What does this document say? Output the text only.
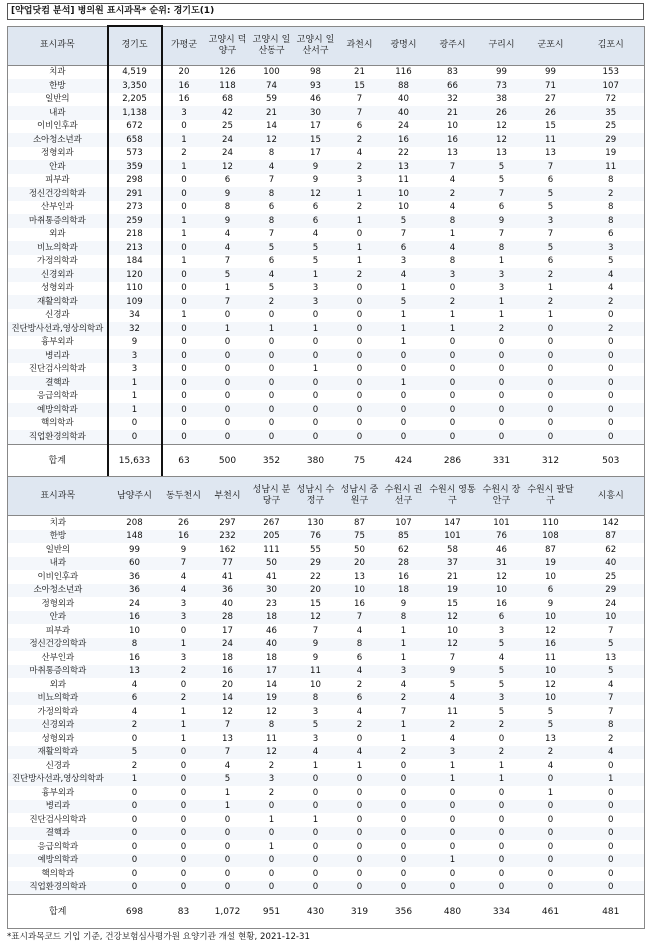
[약업닷컴 분석] 병의원 표시과목* 순위: 경기도(1)
표시과목	경기도	가평군	고양시 덕양구	고양시 일산동구	고양시 일산서구	과천시	광명시	광주시	구리시	군포시	김포시
치과	4,519	20	126	100	98	21	116	83	99	99	153
한방	3,350	16	118	74	93	15	88	66	73	71	107
일반의	2,205	16	68	59	46	7	40	32	38	27	72
내과	1,138	3	42	21	30	7	40	21	26	26	35
이비인후과	672	0	25	14	17	6	24	10	12	15	25
소아청소년과	658	1	24	12	15	2	16	16	12	11	29
정형외과	573	2	24	8	17	4	22	13	13	13	19
안과	359	1	12	4	9	2	13	7	5	7	11
피부과	298	0	6	7	9	3	11	4	5	6	8
정신건강의학과	291	0	9	8	12	1	10	2	7	5	2
산부인과	273	0	8	6	6	2	10	4	6	5	8
마취통증의학과	259	1	9	8	6	1	5	8	9	3	8
외과	218	1	4	7	4	0	7	1	7	7	6
비뇨의학과	213	0	4	5	5	1	6	4	8	5	3
가정의학과	184	1	7	6	5	1	3	8	1	6	5
신경외과	120	0	5	4	1	2	4	3	3	2	4
성형외과	110	0	1	5	3	0	1	0	3	1	4
재활의학과	109	0	7	2	3	0	5	2	1	2	2
신경과	34	1	0	0	0	0	1	1	1	1	0
진단방사선과,영상의학과	32	0	1	1	1	0	1	1	2	0	2
흉부외과	9	0	0	0	0	0	1	0	0	0	0
병리과	3	0	0	0	0	0	0	0	0	0	0
진단검사의학과	3	0	0	0	1	0	0	0	0	0	0
결핵과	1	0	0	0	0	0	1	0	0	0	0
응급의학과	1	0	0	0	0	0	0	0	0	0	0
예방의학과	1	0	0	0	0	0	0	0	0	0	0
핵의학과	0	0	0	0	0	0	0	0	0	0	0
직업환경의학과	0	0	0	0	0	0	0	0	0	0	0
합계	15,633	63	500	352	380	75	424	286	331	312	503
표시과목	남양주시	동두천시	부천시	성남시 분당구	성남시 수정구	성남시 중원구	수원시 권선구	수원시 영통구	수원시 장안구	수원시 팔달구	시흥시
치과	208	26	297	267	130	87	107	147	101	110	142
한방	148	16	232	205	76	75	85	101	76	108	87
일반의	99	9	162	111	55	50	62	58	46	87	62
내과	60	7	77	50	29	20	28	37	31	19	40
이비인후과	36	4	41	41	22	13	16	21	12	10	25
소아청소년과	36	4	36	30	20	10	18	19	10	6	29
정형외과	24	3	40	23	15	16	9	15	16	9	24
안과	16	3	28	18	12	7	8	12	6	10	10
피부과	10	0	17	46	7	4	1	10	3	12	7
정신건강의학과	8	1	24	40	9	8	1	12	5	16	5
산부인과	16	3	18	18	9	6	1	7	4	11	13
마취통증의학과	13	2	16	17	11	4	3	9	5	10	5
외과	4	0	20	14	10	2	4	5	5	12	4
비뇨의학과	6	2	14	19	8	6	2	4	3	10	7
가정의학과	4	1	12	12	3	4	7	11	5	5	7
신경외과	2	1	7	8	5	2	1	2	2	5	8
성형외과	0	1	13	11	3	0	1	4	0	13	2
재활의학과	5	0	7	12	4	4	2	3	2	2	4
신경과	2	0	4	2	1	1	0	1	1	4	0
진단방사선과,영상의학과	1	0	5	3	0	0	0	1	1	0	1
흉부외과	0	0	1	2	0	0	0	0	0	1	0
병리과	0	0	1	0	0	0	0	0	0	0	0
진단검사의학과	0	0	0	1	1	0	0	0	0	0	0
결핵과	0	0	0	0	0	0	0	0	0	0	0
응급의학과	0	0	0	1	0	0	0	0	0	0	0
예방의학과	0	0	0	0	0	0	0	1	0	0	0
핵의학과	0	0	0	0	0	0	0	0	0	0	0
직업환경의학과	0	0	0	0	0	0	0	0	0	0	0
합계	698	83	1,072	951	430	319	356	480	334	461	481
*표시과목코드 기입 기준, 건강보험심사평가원 요양기관 개설 현황, 2021-12-31
